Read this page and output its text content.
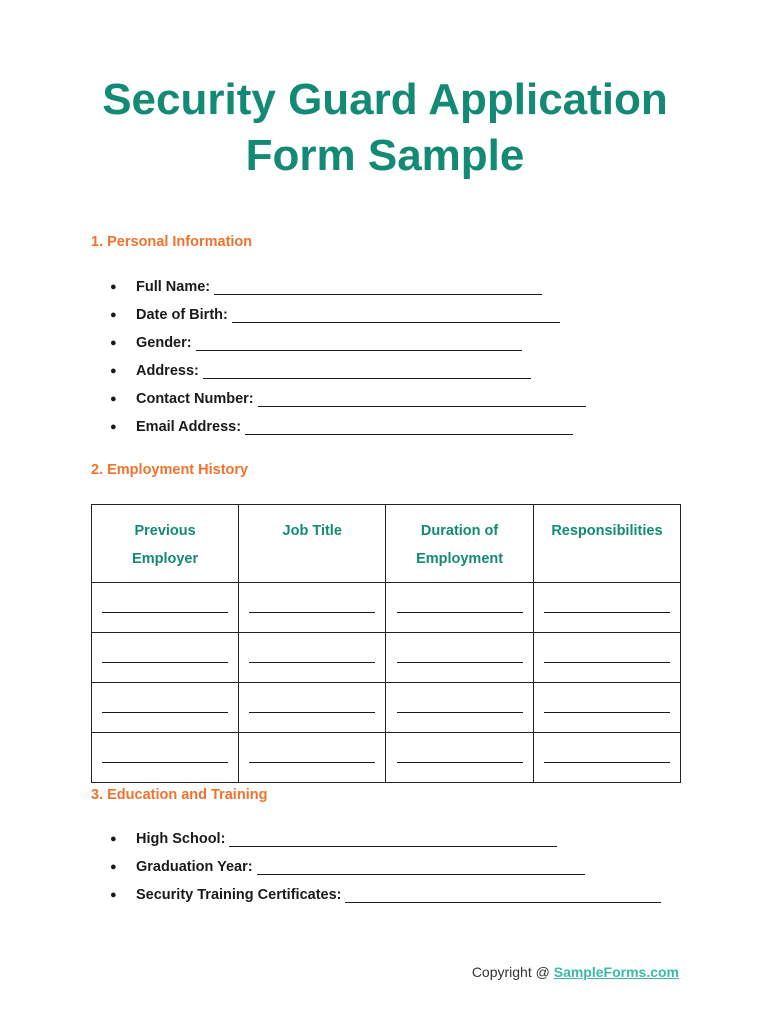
Security Guard Application
Form Sample
1. Personal Information
● Full Name:
● Date of Birth:
● Gender:
● Address:
● Contact Number:
● Email Address:
2. Employment History
Previous Employer	Job Title	Duration of Employment	Responsibilities

3. Education and Training
● High School:
● Graduation Year:
● Security Training Certificates:
Copyright @ SampleForms.com
